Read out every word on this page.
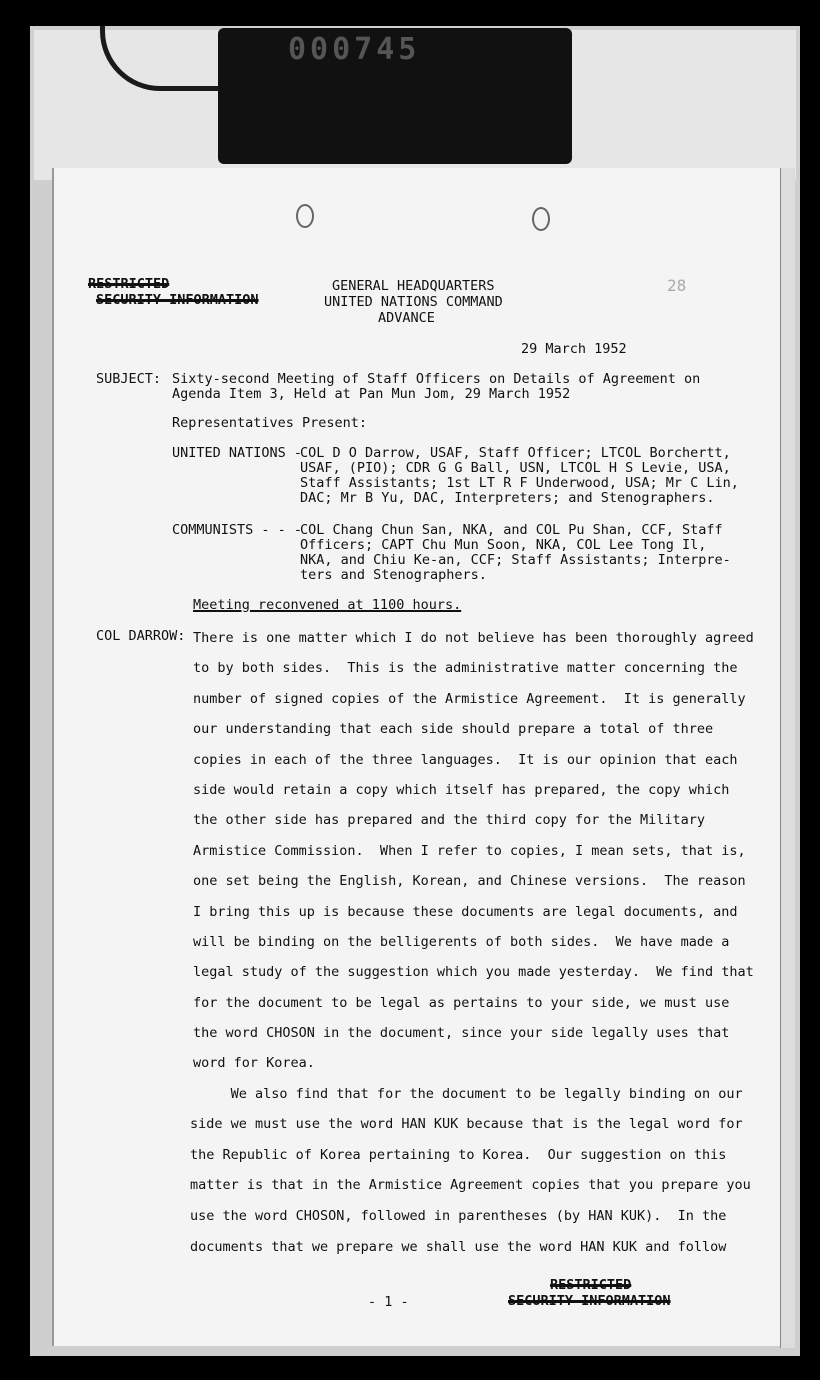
000745
RESTRICTED
SECURITY INFORMATION
GENERAL HEADQUARTERS
UNITED NATIONS COMMAND
ADVANCE
28
29 March 1952
SUBJECT: Sixty-second Meeting of Staff Officers on Details of Agreement on
Agenda Item 3, Held at Pan Mun Jom, 29 March 1952
Representatives Present:
UNITED NATIONS -
COL D O Darrow, USAF, Staff Officer; LTCOL Borchertt,
USAF, (PIO); CDR G G Ball, USN, LTCOL H S Levie, USA,
Staff Assistants; 1st LT R F Underwood, USA; Mr C Lin,
DAC; Mr B Yu, DAC, Interpreters; and Stenographers.
COMMUNISTS - - -
COL Chang Chun San, NKA, and COL Pu Shan, CCF, Staff
Officers; CAPT Chu Mun Soon, NKA, COL Lee Tong Il,
NKA, and Chiu Ke-an, CCF; Staff Assistants; Interpre-
ters and Stenographers.
Meeting reconvened at 1100 hours.
COL DARROW: There is one matter which I do not believe has been thoroughly agreed
to by both sides.  This is the administrative matter concerning the
number of signed copies of the Armistice Agreement.  It is generally
our understanding that each side should prepare a total of three
copies in each of the three languages.  It is our opinion that each
side would retain a copy which itself has prepared, the copy which
the other side has prepared and the third copy for the Military
Armistice Commission.  When I refer to copies, I mean sets, that is,
one set being the English, Korean, and Chinese versions.  The reason
I bring this up is because these documents are legal documents, and
will be binding on the belligerents of both sides.  We have made a
legal study of the suggestion which you made yesterday.  We find that
for the document to be legal as pertains to your side, we must use
the word CHOSON in the document, since your side legally uses that
word for Korea.
We also find that for the document to be legally binding on our
side we must use the word HAN KUK because that is the legal word for
the Republic of Korea pertaining to Korea.  Our suggestion on this
matter is that in the Armistice Agreement copies that you prepare you
use the word CHOSON, followed in parentheses (by HAN KUK).  In the
documents that we prepare we shall use the word HAN KUK and follow
- 1 -
RESTRICTED
SECURITY INFORMATION
